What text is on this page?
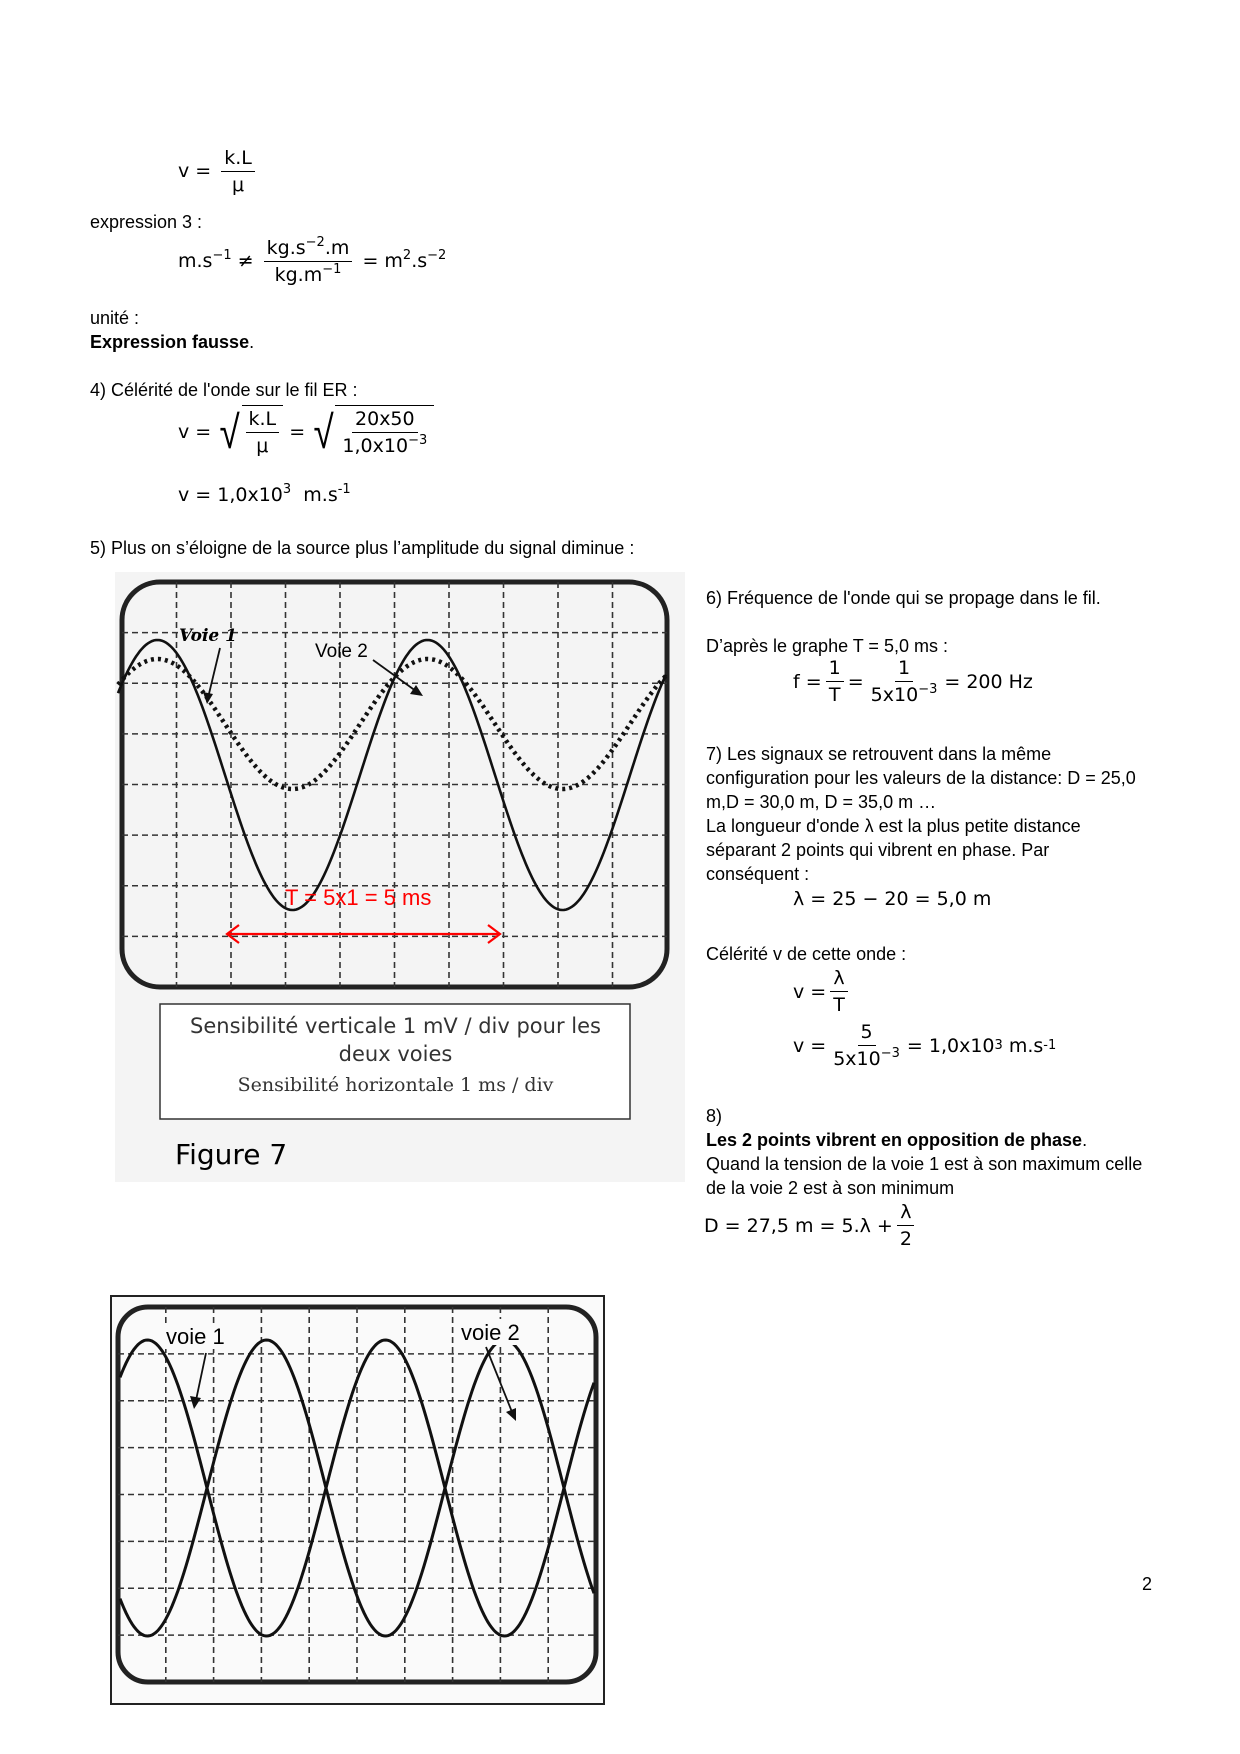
$v = \frac{k.L}{\mu}$
expression 3 :
$m.s^{-1} \ne \frac{kg.s^{-2}.m}{kg.m^{-1}} = m^2.s^{-2}$
unité :
Expression fausse.
4) Célérité de l'onde sur le fil ER :
v =
√ $\frac{k.L}{\mu}$
=
√ $\frac{20x50}{1,0x10^{-3}}$
$v = 1,0x10^3$ $m.s^{-1}$
5) Plus on s’éloigne de la source plus l’amplitude du signal diminue :
Voie 1
Voie 2
T = 5x1 = 5 ms
Sensibilité verticale 1 mV / div pour les deux voies
Sensibilité horizontale 1 ms / div
Figure 7
6) Fréquence de l'onde qui se propage dans le fil.
D’après le graphe T = 5,0 ms :
$f = \frac{1}{T} = \frac{1}{5x10^{-3}} = 200$ Hz
7) Les signaux se retrouvent dans la même configuration pour les valeurs de la distance: D = 25,0 m,D = 30,0 m, D = 35,0 m …
La longueur d'onde λ est la plus petite distance séparant 2 points qui vibrent en phase. Par conséquent :
λ = 25 − 20 = 5,0 m
Célérité v de cette onde :
$v = \frac{\lambda}{T}$
$v = \frac{5}{5x10^{-3}} = 1,0x10$ 3
m.s -1
8)
Les 2 points vibrent en opposition de phase.
Quand la tension de la voie 1 est à son maximum celle de la voie 2 est à son minimum
D = 27,5 $m = 5.\lambda + \frac{\lambda}{2}$
voie 1	voie 2
2
